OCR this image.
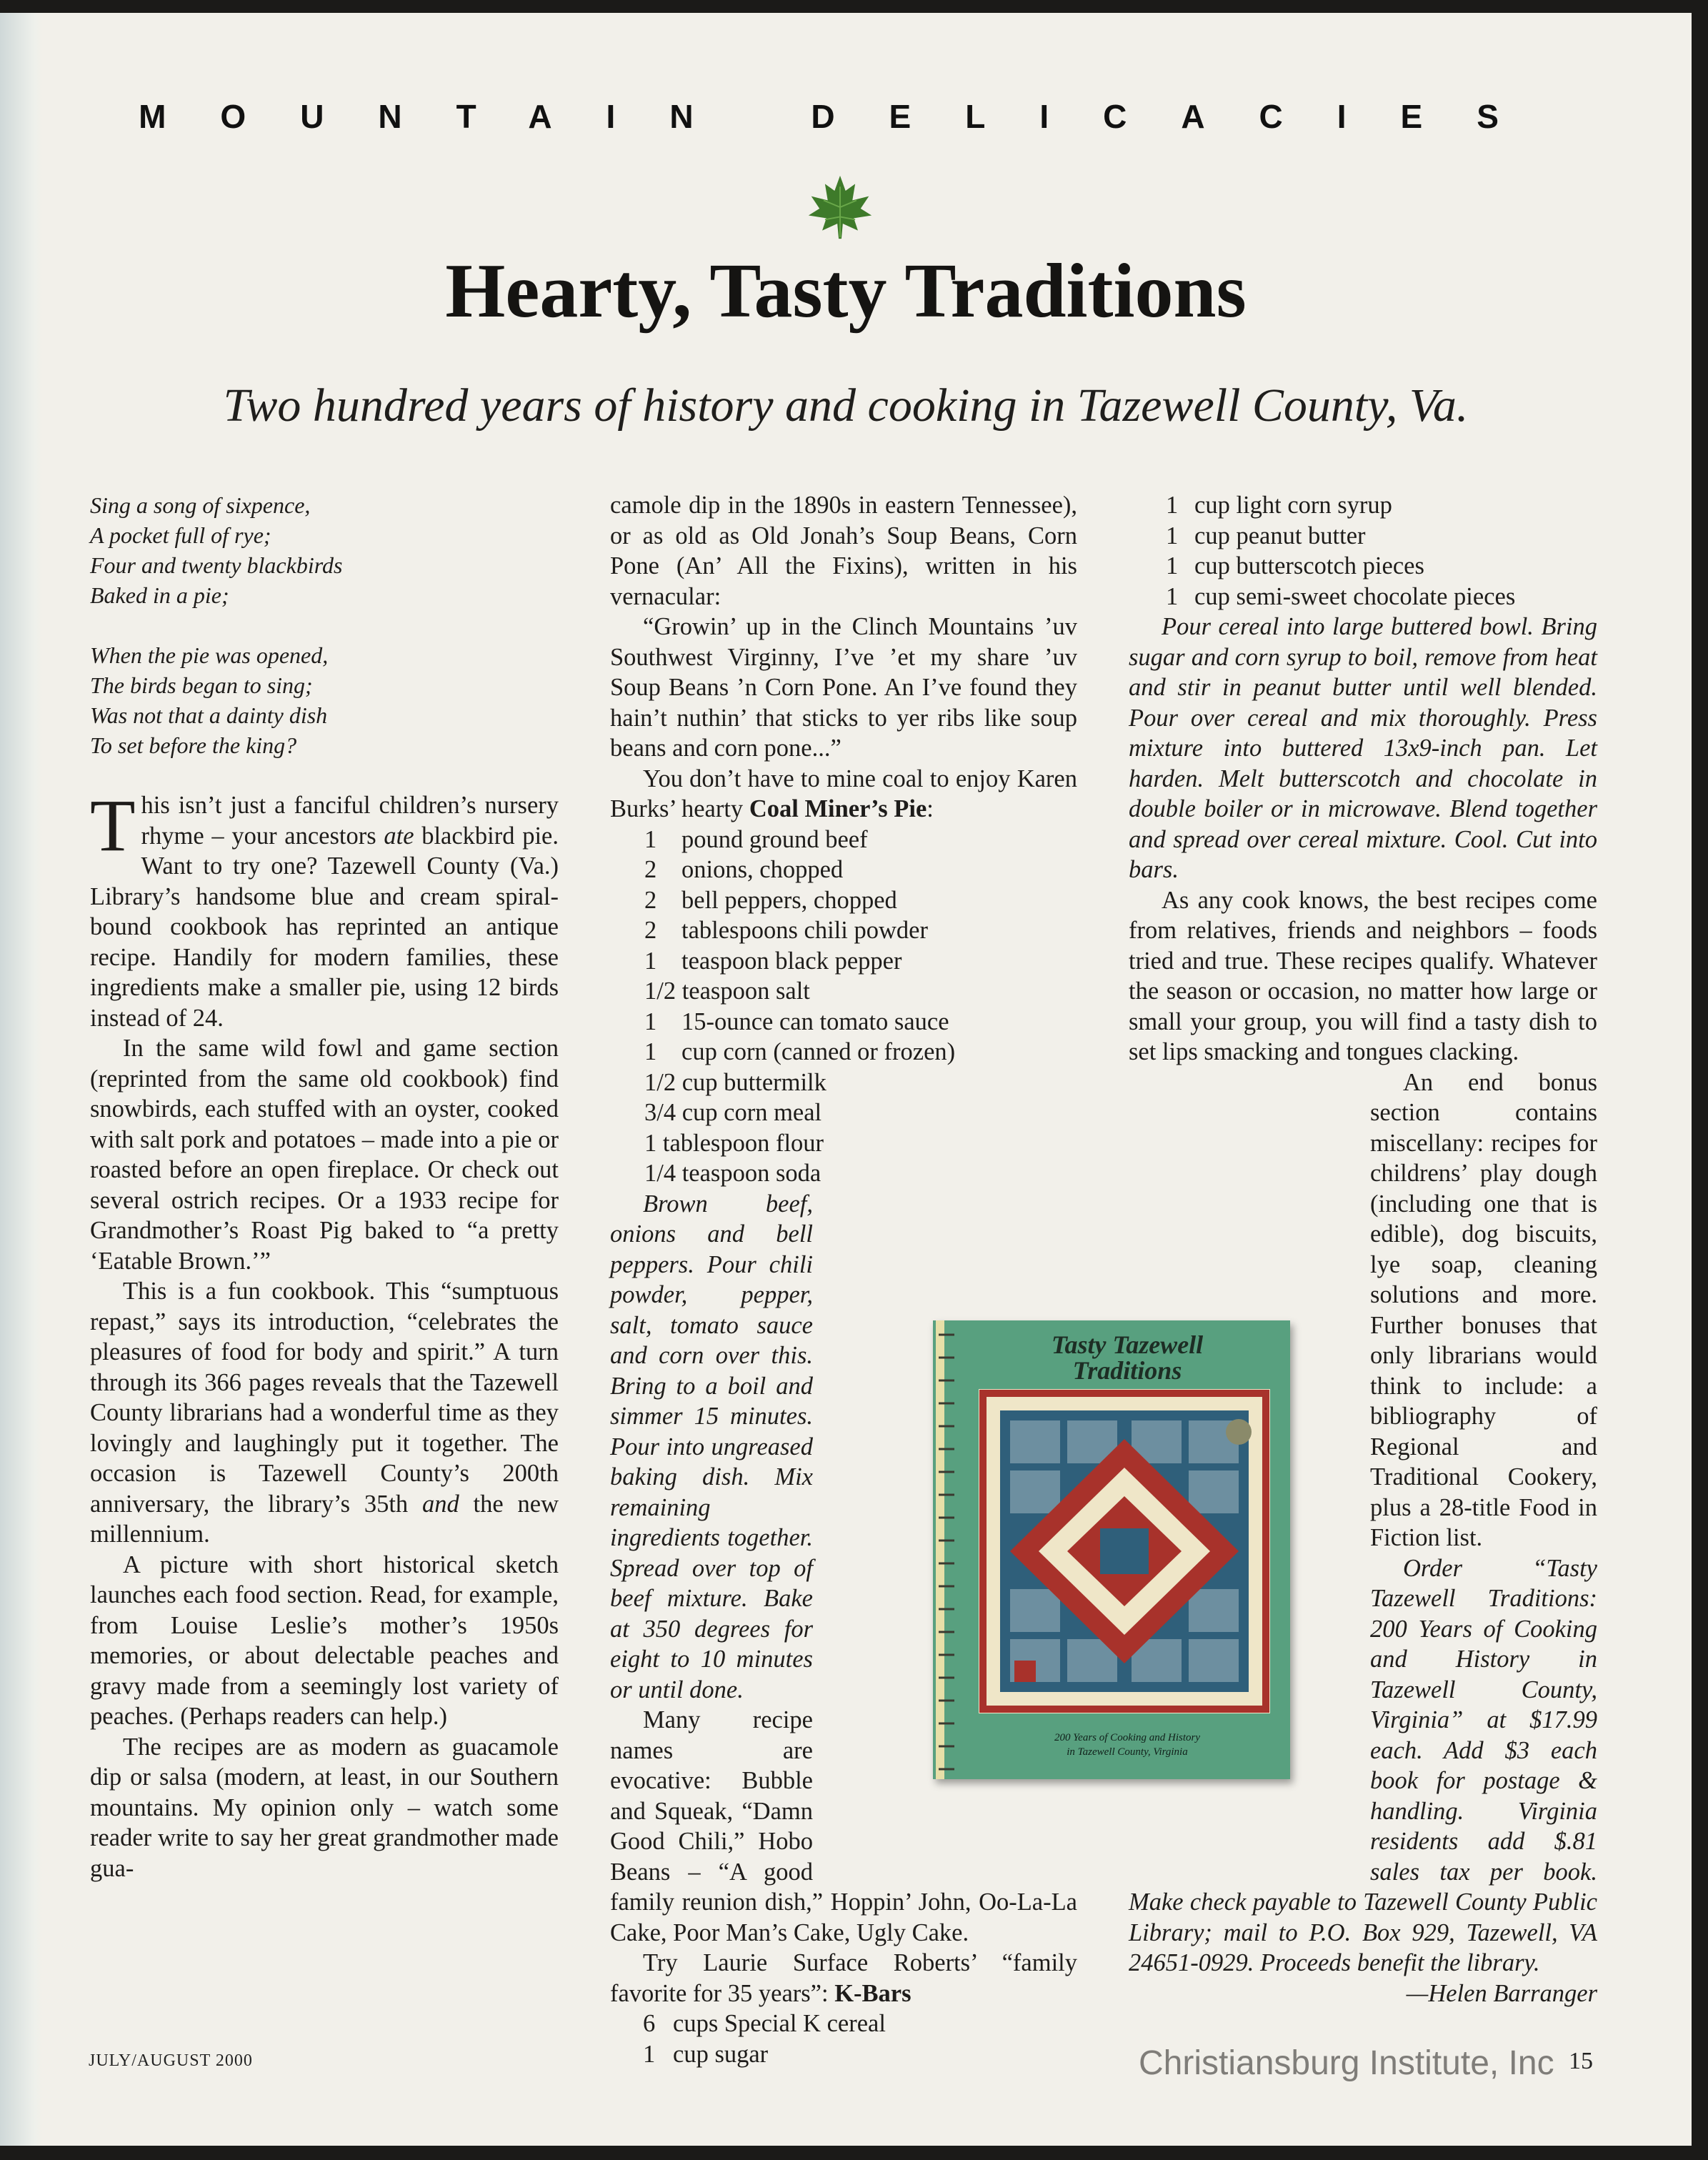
MOUNTAIN DELICACIES
Hearty, Tasty Traditions
Two hundred years of history and cooking in Tazewell County, Va.
Sing a song of sixpence,
A pocket full of rye;
Four and twenty blackbirds
Baked in a pie;
When the pie was opened,
The birds began to sing;
Was not that a dainty dish
To set before the king?

This isn’t just a fanciful children’s nursery rhyme – your ancestors ate blackbird pie. Want to try one? Tazewell County (Va.) Library’s handsome blue and cream spiral-bound cookbook has reprinted an antique recipe. Handily for modern families, these ingredients make a smaller pie, using 12 birds instead of 24.

In the same wild fowl and game section (reprinted from the same old cookbook) find snowbirds, each stuffed with an oyster, cooked with salt pork and potatoes – made into a pie or roasted before an open fireplace. Or check out several ostrich recipes. Or a 1933 recipe for Grandmother’s Roast Pig baked to “a pretty ‘Eatable Brown.’”

This is a fun cookbook. This “sumptuous repast,” says its introduction, “celebrates the pleasures of food for body and spirit.” A turn through its 366 pages reveals that the Tazewell County librarians had a wonderful time as they lovingly and laughingly put it together. The occasion is Tazewell County’s 200th anniversary, the library’s 35th and the new millennium.

A picture with short historical sketch launches each food section. Read, for example, from Louise Leslie’s mother’s 1950s memories, or about delectable peaches and gravy made from a seemingly lost variety of peaches. (Perhaps readers can help.)

The recipes are as modern as guacamole dip or salsa (modern, at least, in our Southern mountains. My opinion only – watch some reader write to say her great grandmother made gua-

camole dip in the 1890s in eastern Tennessee), or as old as Old Jonah’s Soup Beans, Corn Pone (An’ All the Fixins), written in his vernacular:

“Growin’ up in the Clinch Mountains ’uv Southwest Virginny, I’ve ’et my share ’uv Soup Beans ’n Corn Pone. An I’ve found they hain’t nuthin’ that sticks to yer ribs like soup beans and corn pone...”

You don’t have to mine coal to enjoy Karen Burks’ hearty Coal Miner’s Pie:

1 pound ground beef
2 onions, chopped
2 bell peppers, chopped
2 tablespoons chili powder
1 teaspoon black pepper
1/2 teaspoon salt
1 15-ounce can tomato sauce
1 cup corn (canned or frozen)
1/2 cup buttermilk
3/4 cup corn meal
1 tablespoon flour
1/4 teaspoon soda

Brown beef, onions and bell peppers. Pour chili powder, pepper, salt, tomato sauce and corn over this. Bring to a boil and simmer 15 minutes. Pour into ungreased baking dish. Mix remaining ingredients together. Spread over top of beef mixture. Bake at 350 degrees for eight to 10 minutes or until done.

Many recipe names are evocative: Bubble and Squeak, “Damn Good Chili,” Hobo Beans – “A good family reunion dish,” Hoppin’ John, Oo-La-La Cake, Poor Man’s Cake, Ugly Cake.

Try Laurie Surface Roberts’ “family favorite for 35 years”: K-Bars

6 cups Special K cereal
1 cup sugar
1 cup light corn syrup
1 cup peanut butter
1 cup butterscotch pieces
1 cup semi-sweet chocolate pieces

Pour cereal into large buttered bowl. Bring sugar and corn syrup to boil, remove from heat and stir in peanut butter until well blended. Pour over cereal and mix thoroughly. Press mixture into buttered 13x9-inch pan. Let harden. Melt butterscotch and chocolate in double boiler or in microwave. Blend together and spread over cereal mixture. Cool. Cut into bars.

As any cook knows, the best recipes come from relatives, friends and neighbors – foods tried and true. These recipes qualify. Whatever the season or occasion, no matter how large or small your group, you will find a tasty dish to set lips smacking and tongues clacking.

An end bonus section contains miscellany: recipes for childrens’ play dough (including one that is edible), dog biscuits, lye soap, cleaning solutions and more. Further bonuses that only librarians would think to include: a bibliography of Regional and Traditional Cookery, plus a 28-title Food in Fiction list.

Order “Tasty Tazewell Traditions: 200 Years of Cooking and History in Tazewell County, Virginia” at $17.99 each. Add $3 each book for postage & handling. Virginia residents add $.81 sales tax per book. Make check payable to Tazewell County Public Library; mail to P.O. Box 929, Tazewell, VA 24651-0929. Proceeds benefit the library.

—Helen Barranger

Tasty Tazewell
Traditions
200 Years of Cooking and History
in Tazewell County, Virginia
JULY/AUGUST 2000	Christiansburg Institute, Inc 15
